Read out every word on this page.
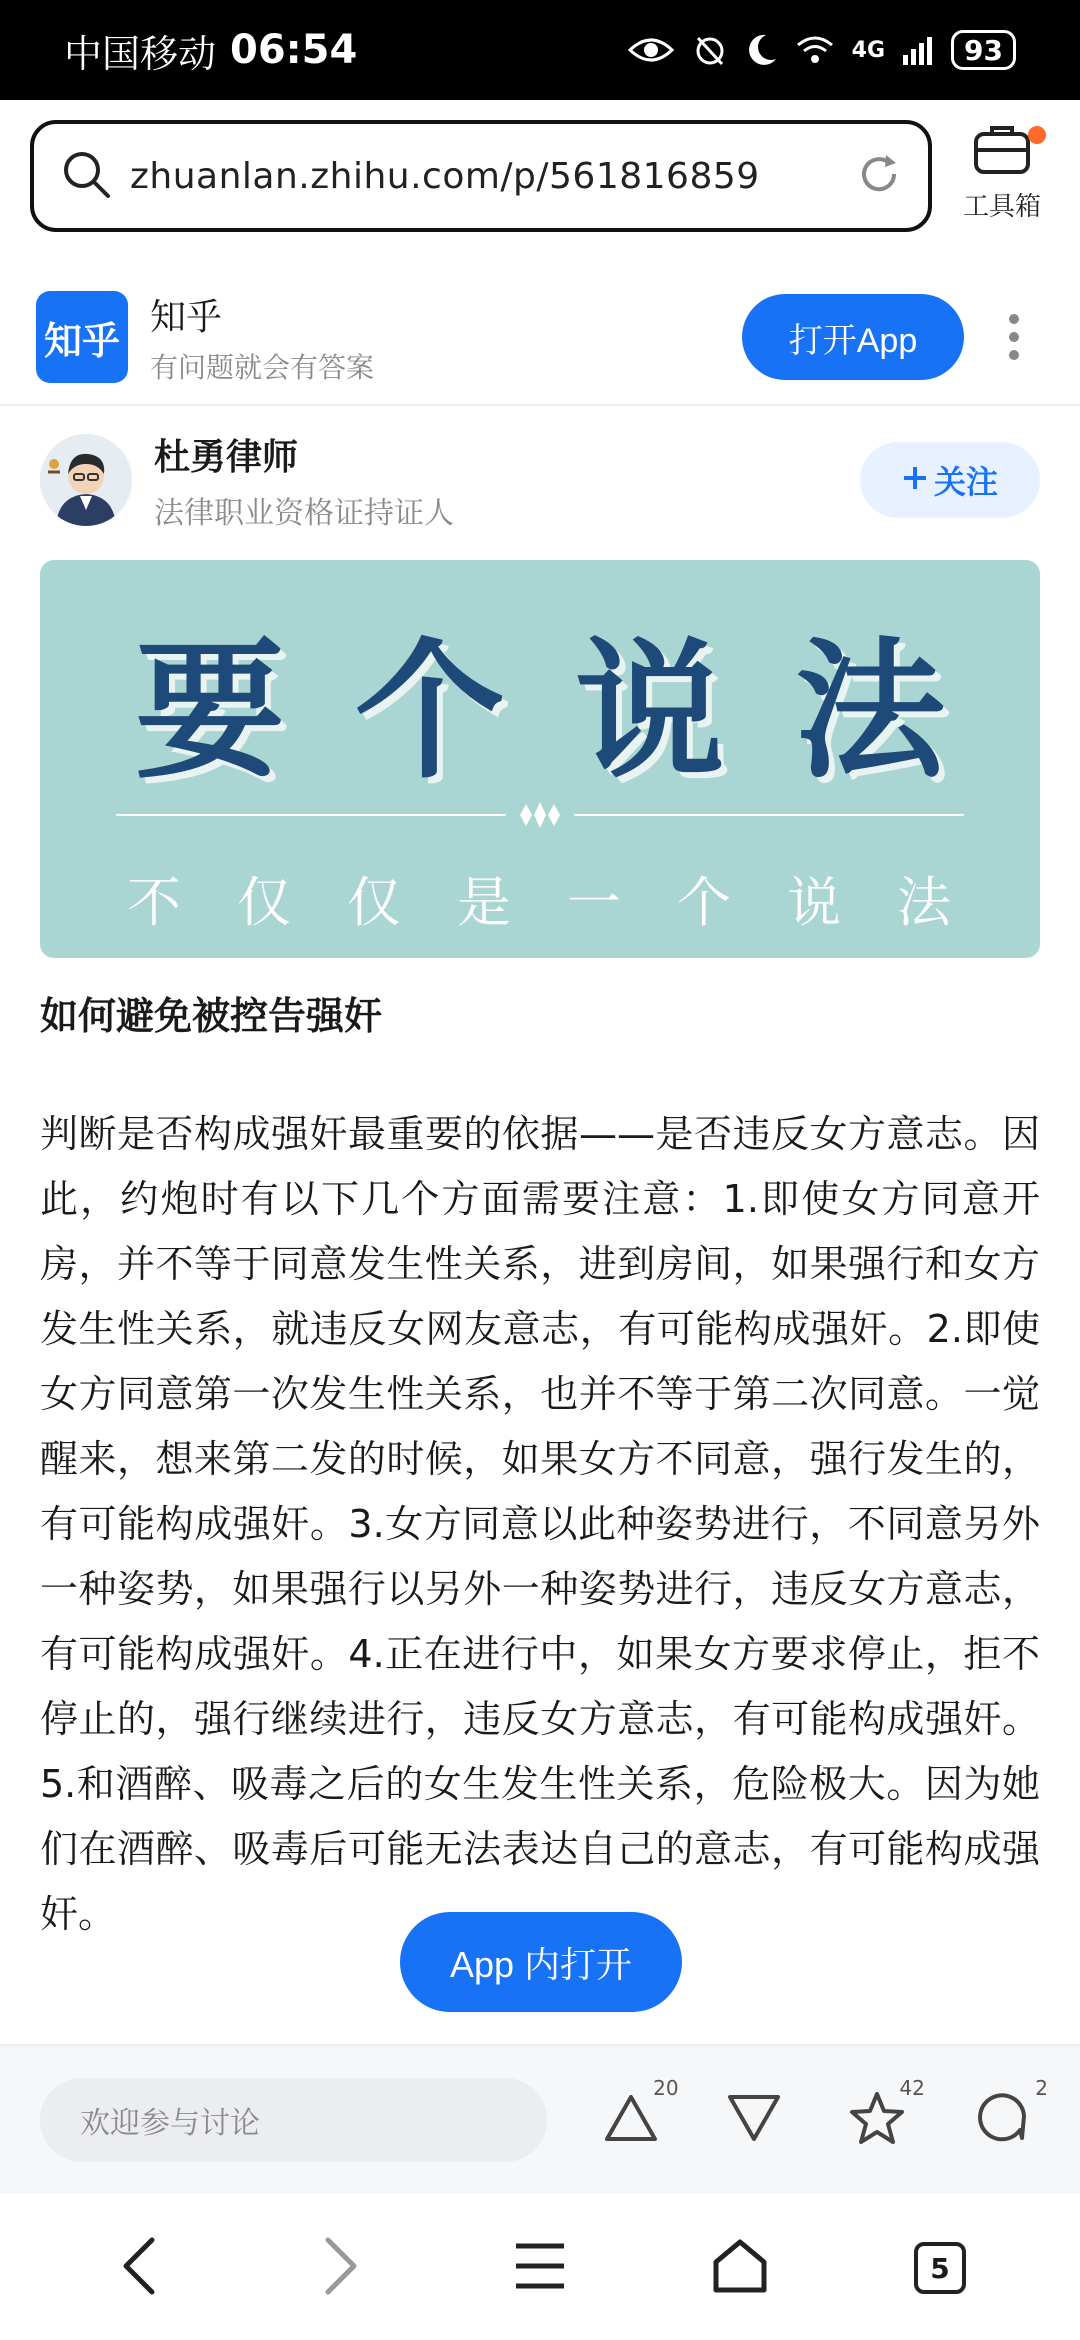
中国移动 06:54	4G	93
zhuanlan.zhihu.com/p/561816859
工具箱
知乎
知乎
有问题就会有答案
打开App
杜勇律师
法律职业资格证持证人
关注
要 个 说 法
不 仅 仅 是 一 个 说 法
如何避免被控告强奸
判断是否构成强奸最重要的依据——是否违反女方意志。因此，约炮时有以下几个方面需要注意：1.即使女方同意开房，并不等于同意发生性关系，进到房间，如果强行和女方发生性关系，就违反女网友意志，有可能构成强奸。2.即使女方同意第一次发生性关系，也并不等于第二次同意。一觉醒来，想来第二发的时候，如果女方不同意，强行发生的，有可能构成强奸。3.女方同意以此种姿势进行，不同意另外一种姿势，如果强行以另外一种姿势进行，违反女方意志，有可能构成强奸。4.正在进行中，如果女方要求停止，拒不停止的，强行继续进行，违反女方意志，有可能构成强奸。5.和酒醉、吸毒之后的女生发生性关系，危险极大。因为她们在酒醉、吸毒后可能无法表达自己的意志，有可能构成强奸。
App 内打开
欢迎参与讨论
20	42	2
5
